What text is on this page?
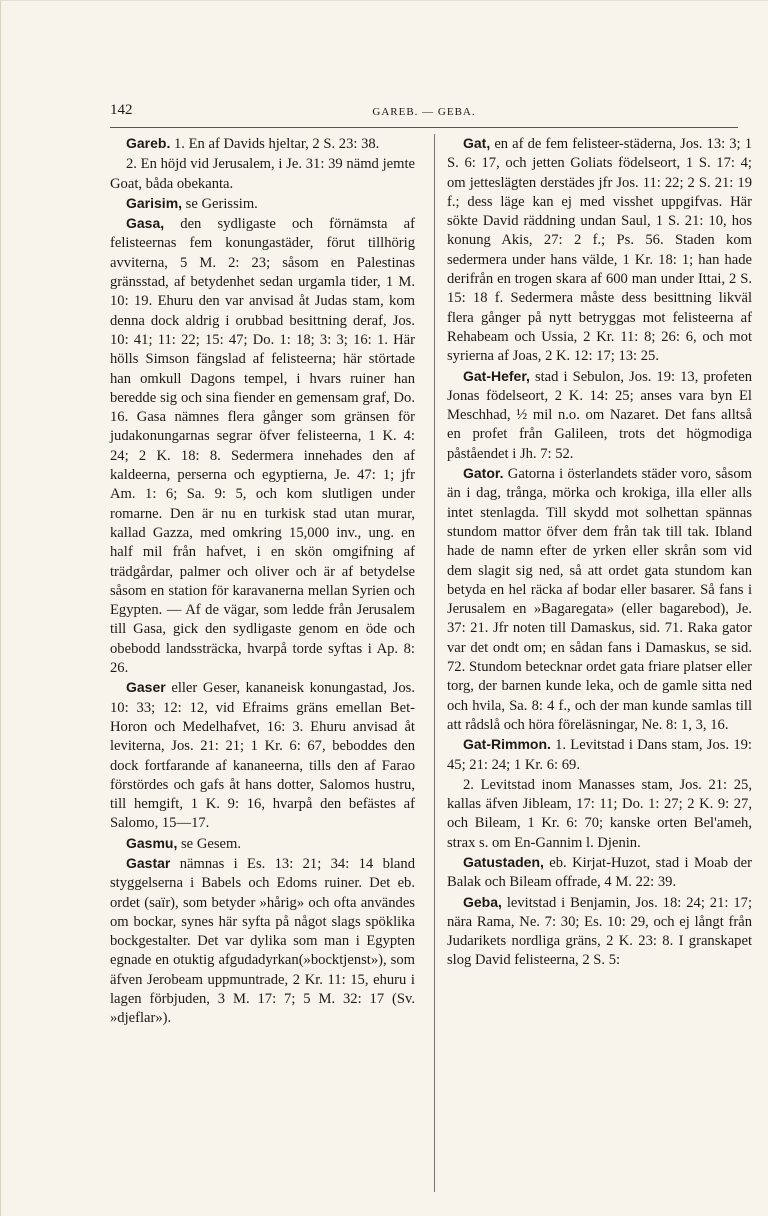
142	GAREB. — GEBA.

Gareb. 1. En af Davids hjeltar, 2 S. 23: 38.

2. En höjd vid Jerusalem, i Je. 31: 39 nämd jemte Goat, båda obekanta.

Garisim, se Gerissim.

Gasa, den sydligaste och förnämsta af felisteernas fem konungastäder, förut tillhörig avviterna, 5 M. 2: 23; såsom en Palestinas gränsstad, af betydenhet sedan urgamla tider, 1 M. 10: 19. Ehuru den var anvisad åt Judas stam, kom denna dock aldrig i orubbad besittning deraf, Jos. 10: 41; 11: 22; 15: 47; Do. 1: 18; 3: 3; 16: 1. Här hölls Simson fängslad af felisteerna; här störtade han omkull Dagons tempel, i hvars ruiner han beredde sig och sina fiender en gemensam graf, Do. 16. Gasa nämnes flera gånger som gränsen för judakonungarnas segrar öfver felisteerna, 1 K. 4: 24; 2 K. 18: 8. Sedermera innehades den af kaldeerna, perserna och egyptierna, Je. 47: 1; jfr Am. 1: 6; Sa. 9: 5, och kom slutligen under romarne. Den är nu en turkisk stad utan murar, kallad Gazza, med omkring 15,000 inv., ung. en half mil från hafvet, i en skön omgifning af trädgårdar, palmer och oliver och är af betydelse såsom en station för karavanerna mellan Syrien och Egypten. — Af de vägar, som ledde från Jerusalem till Gasa, gick den sydligaste genom en öde och obebodd landssträcka, hvarpå torde syftas i Ap. 8: 26.

Gaser eller Geser, kananeisk konungastad, Jos. 10: 33; 12: 12, vid Efraims gräns emellan Bet-Horon och Medelhafvet, 16: 3. Ehuru anvisad åt leviterna, Jos. 21: 21; 1 Kr. 6: 67, beboddes den dock fortfarande af kananeerna, tills den af Farao förstördes och gafs åt hans dotter, Salomos hustru, till hemgift, 1 K. 9: 16, hvarpå den befästes af Salomo, 15—17.

Gasmu, se Gesem.

Gastar nämnas i Es. 13: 21; 34: 14 bland styggelserna i Babels och Edoms ruiner. Det eb. ordet (saïr), som betyder »hårig» och ofta användes om bockar, synes här syfta på något slags spöklika bockgestalter. Det var dylika som man i Egypten egnade en otuktig afgudadyrkan(»bocktjenst»), som äfven Jerobeam uppmuntrade, 2 Kr. 11: 15, ehuru i lagen förbjuden, 3 M. 17: 7; 5 M. 32: 17 (Sv. »djeflar»).

Gat, en af de fem felisteer-städerna, Jos. 13: 3; 1 S. 6: 17, och jetten Goliats födelseort, 1 S. 17: 4; om jetteslägten derstädes jfr Jos. 11: 22; 2 S. 21: 19 f.; dess läge kan ej med visshet uppgifvas. Här sökte David räddning undan Saul, 1 S. 21: 10, hos konung Akis, 27: 2 f.; Ps. 56. Staden kom sedermera under hans välde, 1 Kr. 18: 1; han hade derifrån en trogen skara af 600 man under Ittai, 2 S. 15: 18 f. Sedermera måste dess besittning likväl flera gånger på nytt betryggas mot felisteerna af Rehabeam och Ussia, 2 Kr. 11: 8; 26: 6, och mot syrierna af Joas, 2 K. 12: 17; 13: 25.

Gat-Hefer, stad i Sebulon, Jos. 19: 13, profeten Jonas födelseort, 2 K. 14: 25; anses vara byn El Meschhad, ½ mil n.o. om Nazaret. Det fans alltså en profet från Galileen, trots det högmodiga påståendet i Jh. 7: 52.

Gator. Gatorna i österlandets städer voro, såsom än i dag, trånga, mörka och krokiga, illa eller alls intet stenlagda. Till skydd mot solhettan spännas stundom mattor öfver dem från tak till tak. Ibland hade de namn efter de yrken eller skrån som vid dem slagit sig ned, så att ordet gata stundom kan betyda en hel räcka af bodar eller basarer. Så fans i Jerusalem en »Bagaregata» (eller bagarebod), Je. 37: 21. Jfr noten till Damaskus, sid. 71. Raka gator var det ondt om; en sådan fans i Damaskus, se sid. 72. Stundom betecknar ordet gata friare platser eller torg, der barnen kunde leka, och de gamle sitta ned och hvila, Sa. 8: 4 f., och der man kunde samlas till att rådslå och höra föreläsningar, Ne. 8: 1, 3, 16.

Gat-Rimmon. 1. Levitstad i Dans stam, Jos. 19: 45; 21: 24; 1 Kr. 6: 69.

2. Levitstad inom Manasses stam, Jos. 21: 25, kallas äfven Jibleam, 17: 11; Do. 1: 27; 2 K. 9: 27, och Bileam, 1 Kr. 6: 70; kanske orten Bel'ameh, strax s. om En-Gannim l. Djenin.

Gatustaden, eb. Kirjat-Huzot, stad i Moab der Balak och Bileam offrade, 4 M. 22: 39.

Geba, levitstad i Benjamin, Jos. 18: 24; 21: 17; nära Rama, Ne. 7: 30; Es. 10: 29, och ej långt från Judarikets nordliga gräns, 2 K. 23: 8. I granskapet slog David felisteerna, 2 S. 5:
